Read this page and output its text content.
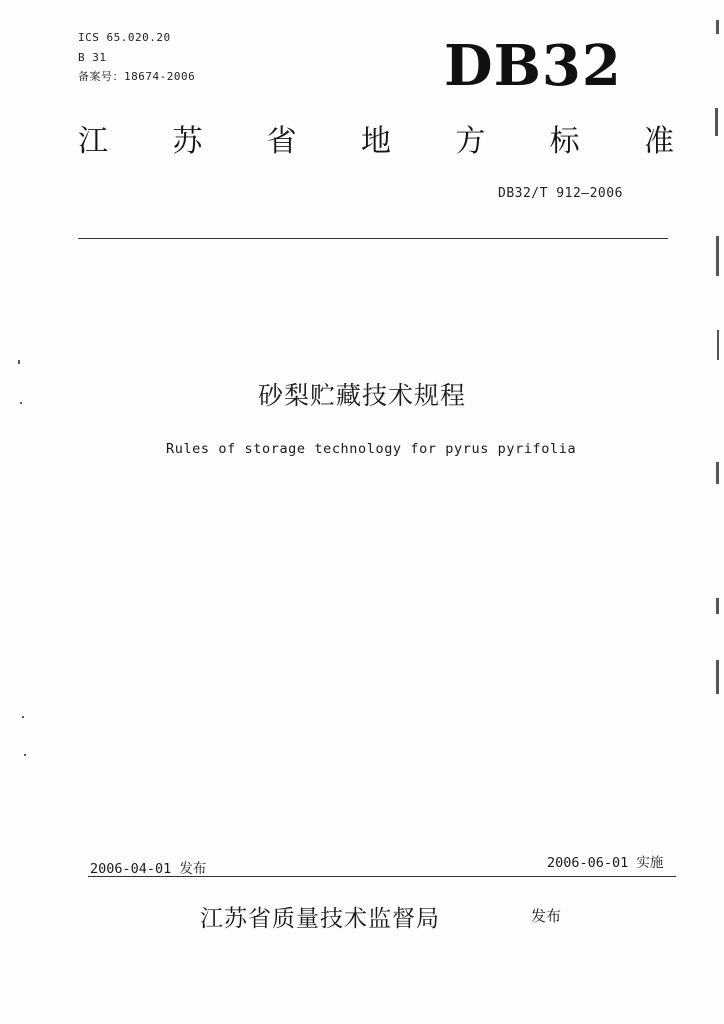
ICS 65.020.20
B 31
备案号：18674-2006	DB32
江 苏 省 地 方 标 准
DB32/T 912—2006
砂梨贮藏技术规程
Rules of storage technology for pyrus pyrifolia
2006-04-01 发布	2006-06-01 实施
江苏省质量技术监督局	发布
